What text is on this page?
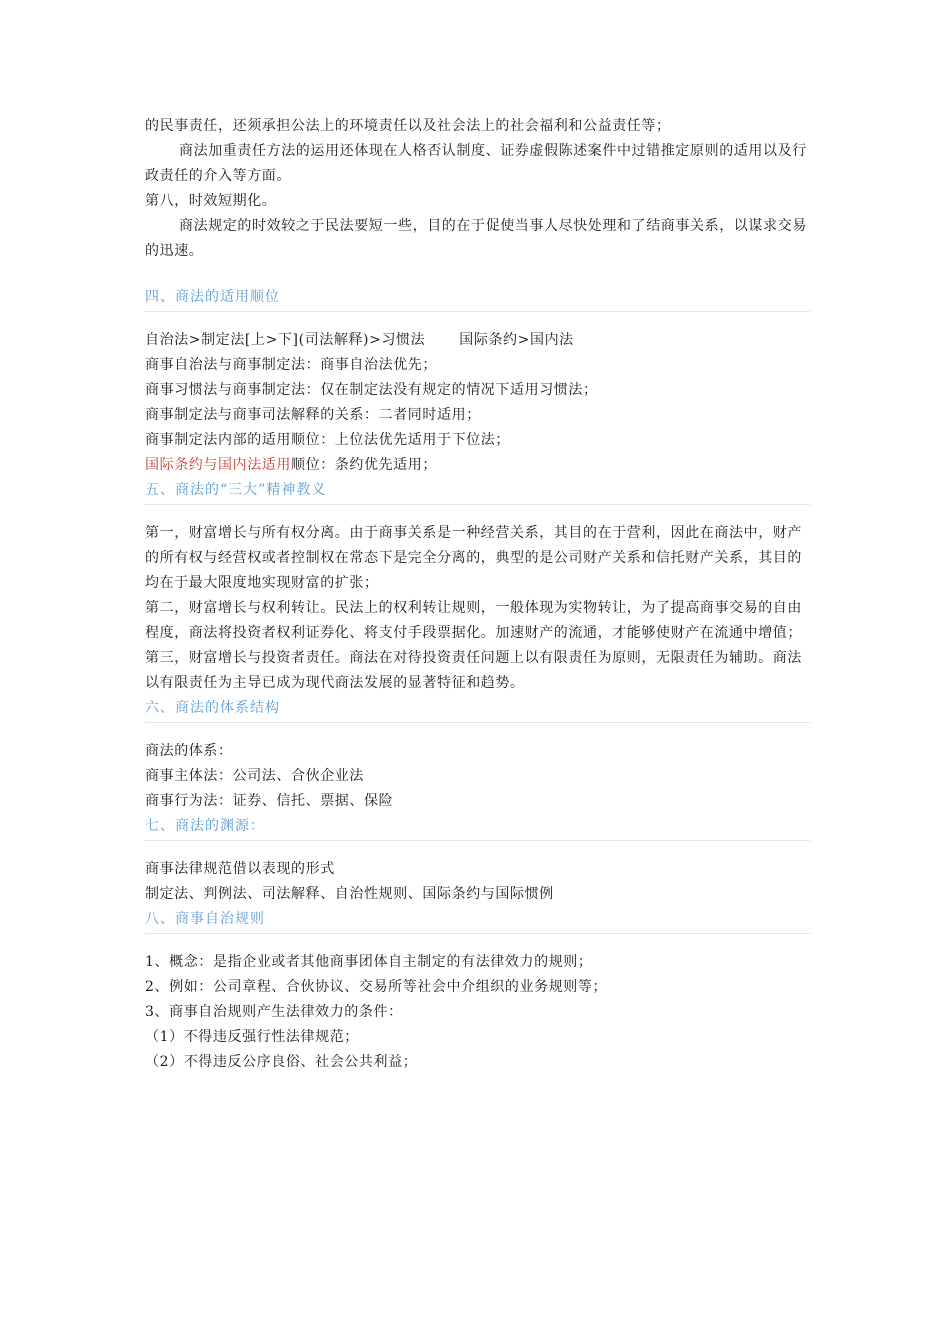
的民事责任，还须承担公法上的环境责任以及社会法上的社会福利和公益责任等；

商法加重责任方法的运用还体现在人格否认制度、证券虚假陈述案件中过错推定原则的适用以及行政责任的介入等方面。

第八，时效短期化。

商法规定的时效较之于民法要短一些，目的在于促使当事人尽快处理和了结商事关系，以谋求交易的迅速。

四、商法的适用顺位

自治法>制定法[上>下](司法解释)>习惯法 国际条约>国内法

商事自治法与商事制定法：商事自治法优先；

商事习惯法与商事制定法：仅在制定法没有规定的情况下适用习惯法；

商事制定法与商事司法解释的关系：二者同时适用；

商事制定法内部的适用顺位：上位法优先适用于下位法；

国际条约与国内法适用顺位：条约优先适用；

五、商法的“三大”精神教义

第一，财富增长与所有权分离。由于商事关系是一种经营关系，其目的在于营利，因此在商法中，财产的所有权与经营权或者控制权在常态下是完全分离的，典型的是公司财产关系和信托财产关系，其目的均在于最大限度地实现财富的扩张；

第二，财富增长与权利转让。民法上的权利转让规则，一般体现为实物转让，为了提高商事交易的自由程度，商法将投资者权利证券化、将支付手段票据化。加速财产的流通，才能够使财产在流通中增值；

第三，财富增长与投资者责任。商法在对待投资责任问题上以有限责任为原则，无限责任为辅助。商法以有限责任为主导已成为现代商法发展的显著特征和趋势。

六、商法的体系结构

商法的体系：

商事主体法：公司法、合伙企业法

商事行为法：证券、信托、票据、保险

七、商法的渊源：

商事法律规范借以表现的形式

制定法、判例法、司法解释、自治性规则、国际条约与国际惯例

八、商事自治规则

1、概念：是指企业或者其他商事团体自主制定的有法律效力的规则；

2、例如：公司章程、合伙协议、交易所等社会中介组织的业务规则等；

3、商事自治规则产生法律效力的条件：

（1）不得违反强行性法律规范；

（2）不得违反公序良俗、社会公共利益；
